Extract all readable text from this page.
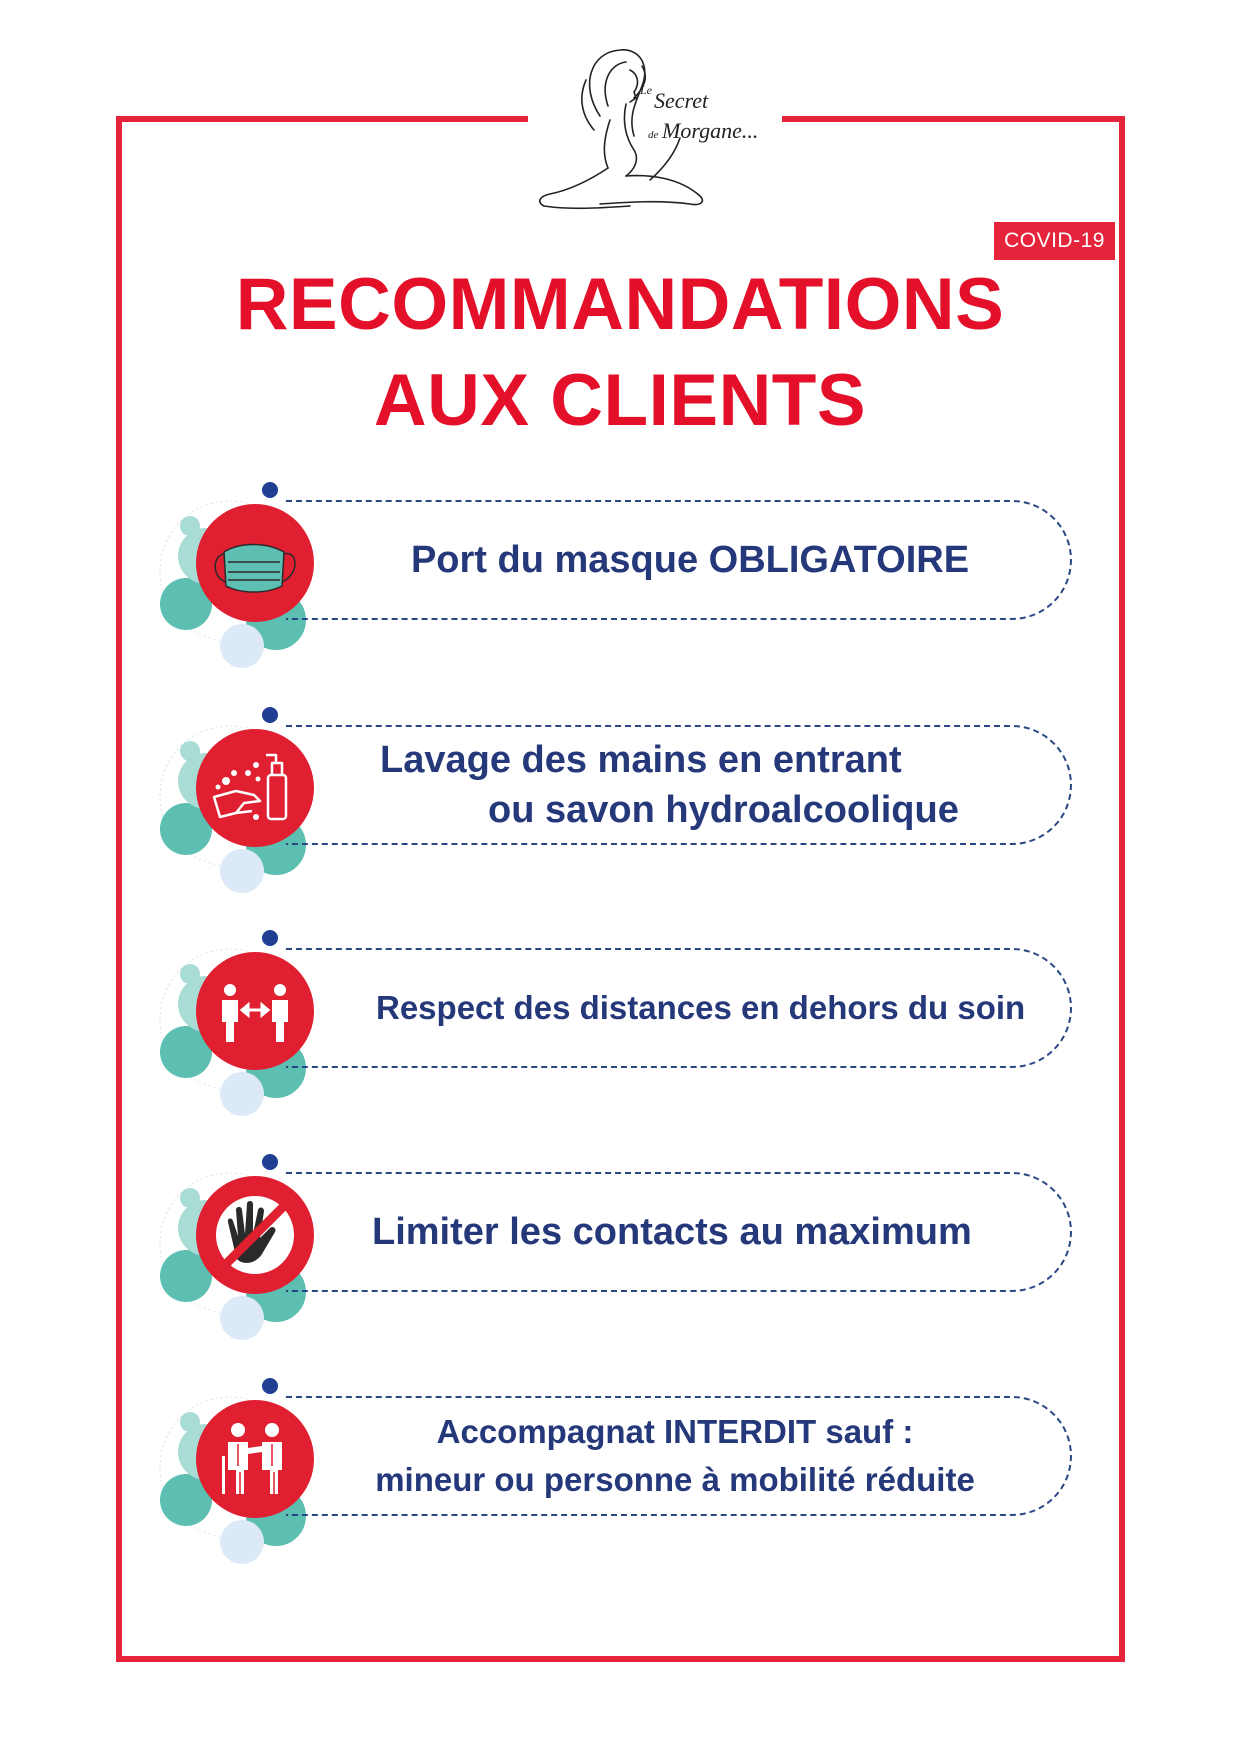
Le Secret
de Morgane...
COVID-19
RECOMMANDATIONS
AUX CLIENTS
Port du masque OBLIGATOIRE
Lavage des mains en entrant
ou savon hydroalcoolique
Respect des distances en dehors du soin
Limiter les contacts au maximum
Accompagnat INTERDIT sauf :
mineur ou personne à mobilité réduite
